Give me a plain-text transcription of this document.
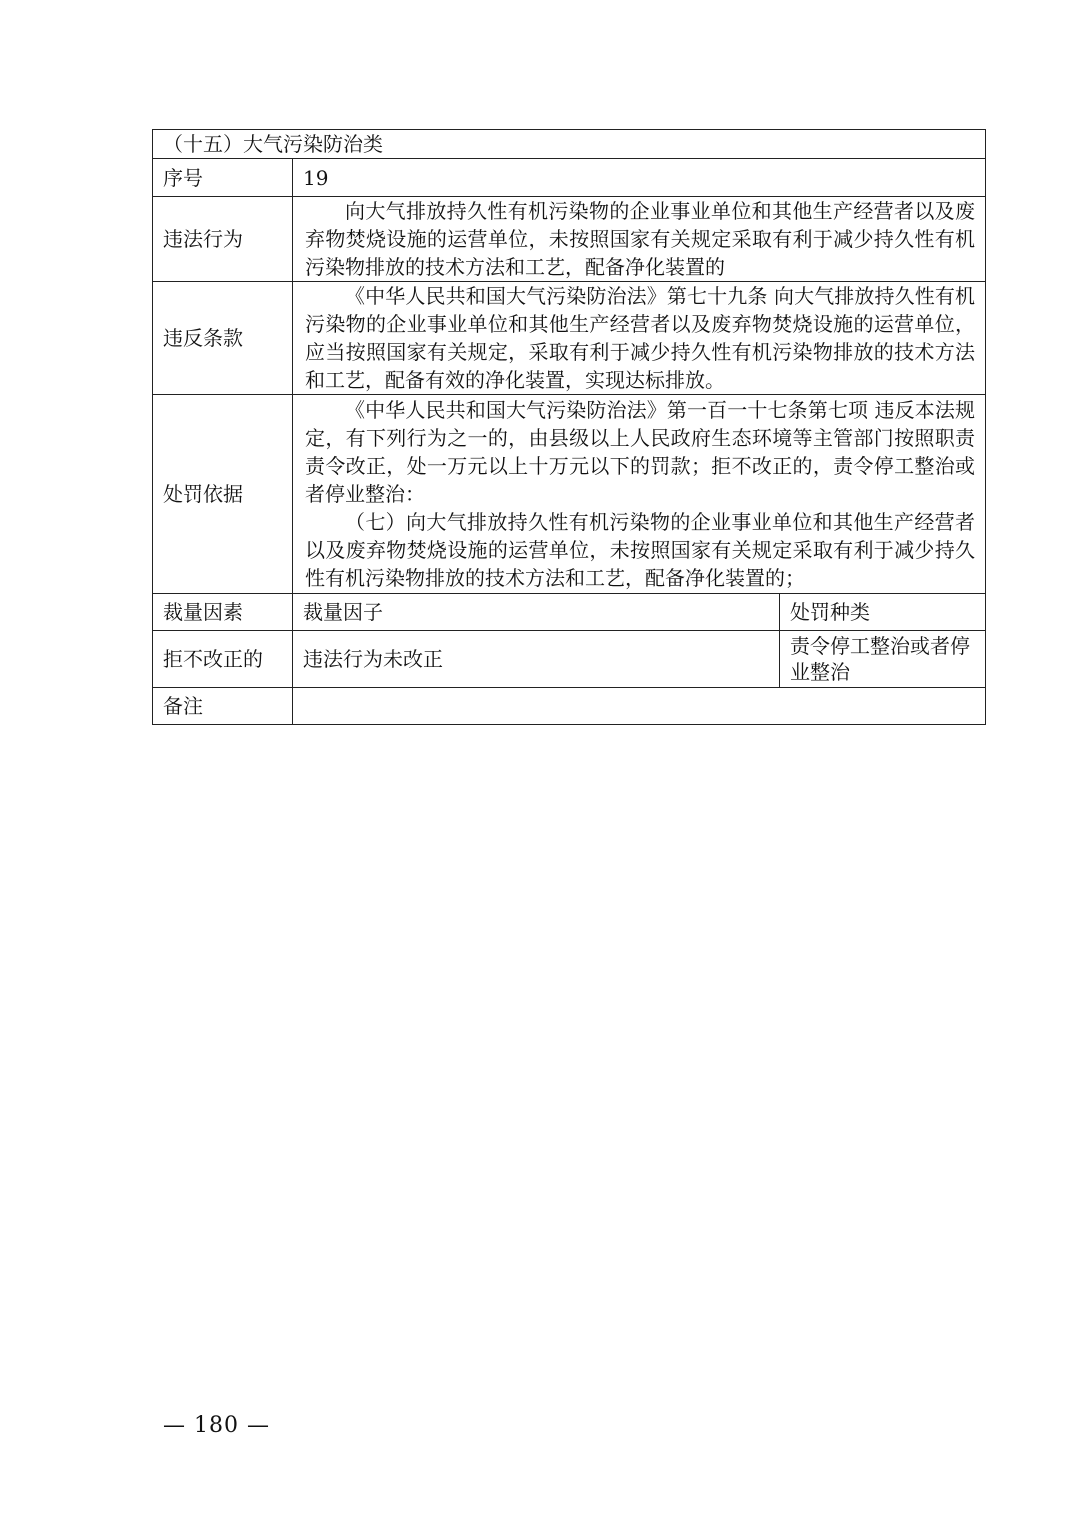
（十五）大气污染防治类		
序号	19	
违法行为	向大气排放持久性有机污染物的企业事业单位和其他生产经营者以及废弃物焚烧设施的运营单位，未按照国家有关规定采取有利于减少持久性有机污染物排放的技术方法和工艺，配备净化装置的	

违反条款	《中华人民共和国大气污染防治法》第七十九条 向大气排放持久性有机污染物的企业事业单位和其他生产经营者以及废弃物焚烧设施的运营单位，应当按照国家有关规定，采取有利于减少持久性有机污染物排放的技术方法和工艺，配备有效的净化装置，实现达标排放。	

处罚依据	《中华人民共和国大气污染防治法》第一百一十七条第七项 违反本法规定，有下列行为之一的，由县级以上人民政府生态环境等主管部门按照职责责令改正，处一万元以上十万元以下的罚款；拒不改正的，责令停工整治或者停业整治：

（七）向大气排放持久性有机污染物的企业事业单位和其他生产经营者以及废弃物焚烧设施的运营单位，未按照国家有关规定采取有利于减少持久性有机污染物排放的技术方法和工艺，配备净化装置的；	

裁量因素	裁量因子	处罚种类
拒不改正的	违法行为未改正	责令停工整治或者停业整治
备注		
— 180 —
